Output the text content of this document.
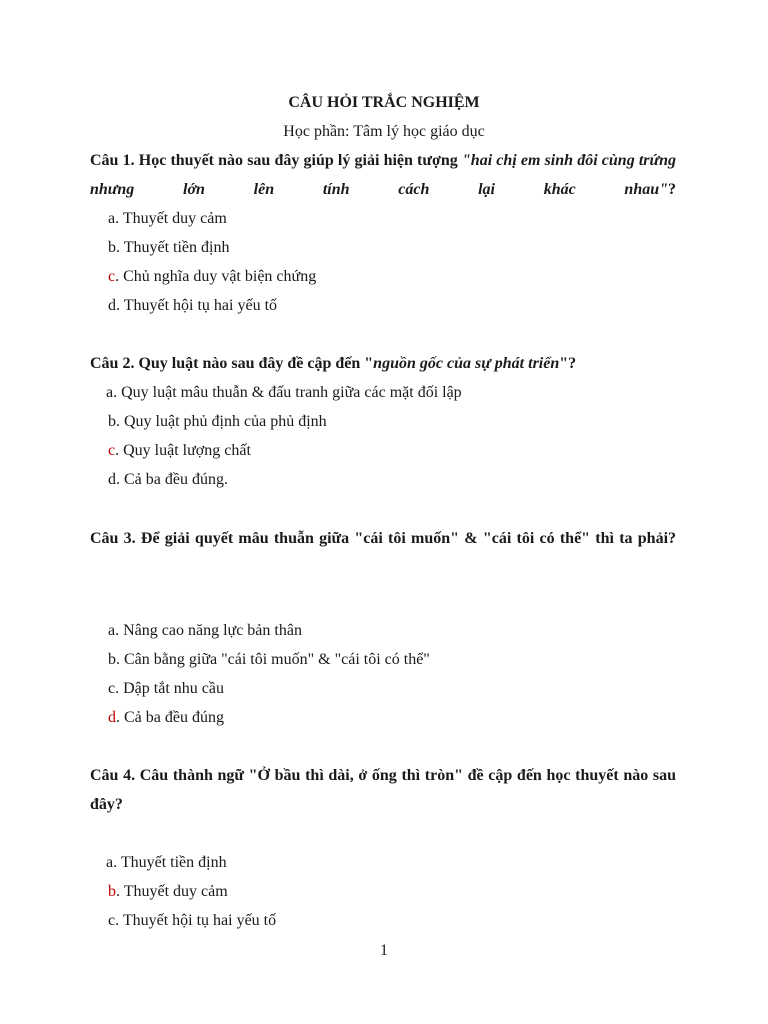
CÂU HỎI TRẮC NGHIỆM
Học phần: Tâm lý học giáo dục
Câu 1. Học thuyết nào sau đây giúp lý giải hiện tượng "hai chị em sinh đôi cùng trứng nhưng lớn lên tính cách lại khác nhau"?
a. Thuyết duy cảm
b. Thuyết tiền định
c. Chủ nghĩa duy vật biện chứng
d. Thuyết hội tụ hai yếu tố
Câu 2. Quy luật nào sau đây đề cập đến "nguồn gốc của sự phát triển"?
a. Quy luật mâu thuẫn & đấu tranh giữa các mặt đối lập
b. Quy luật phủ định của phủ định
c. Quy luật lượng chất
d. Cả ba đều đúng.
Câu 3. Để giải quyết mâu thuẫn giữa "cái tôi muốn" & "cái tôi có thể" thì ta phải?
a. Nâng cao năng lực bản thân
b. Cân bằng giữa "cái tôi muốn" & "cái tôi có thể"
c. Dập tắt nhu cầu
d. Cả ba đều đúng
Câu 4. Câu thành ngữ "Ở bầu thì dài, ở ống thì tròn" đề cập đến học thuyết nào sau đây?
a. Thuyết tiền định
b. Thuyết duy cảm
c. Thuyết hội tụ hai yếu tố
1
